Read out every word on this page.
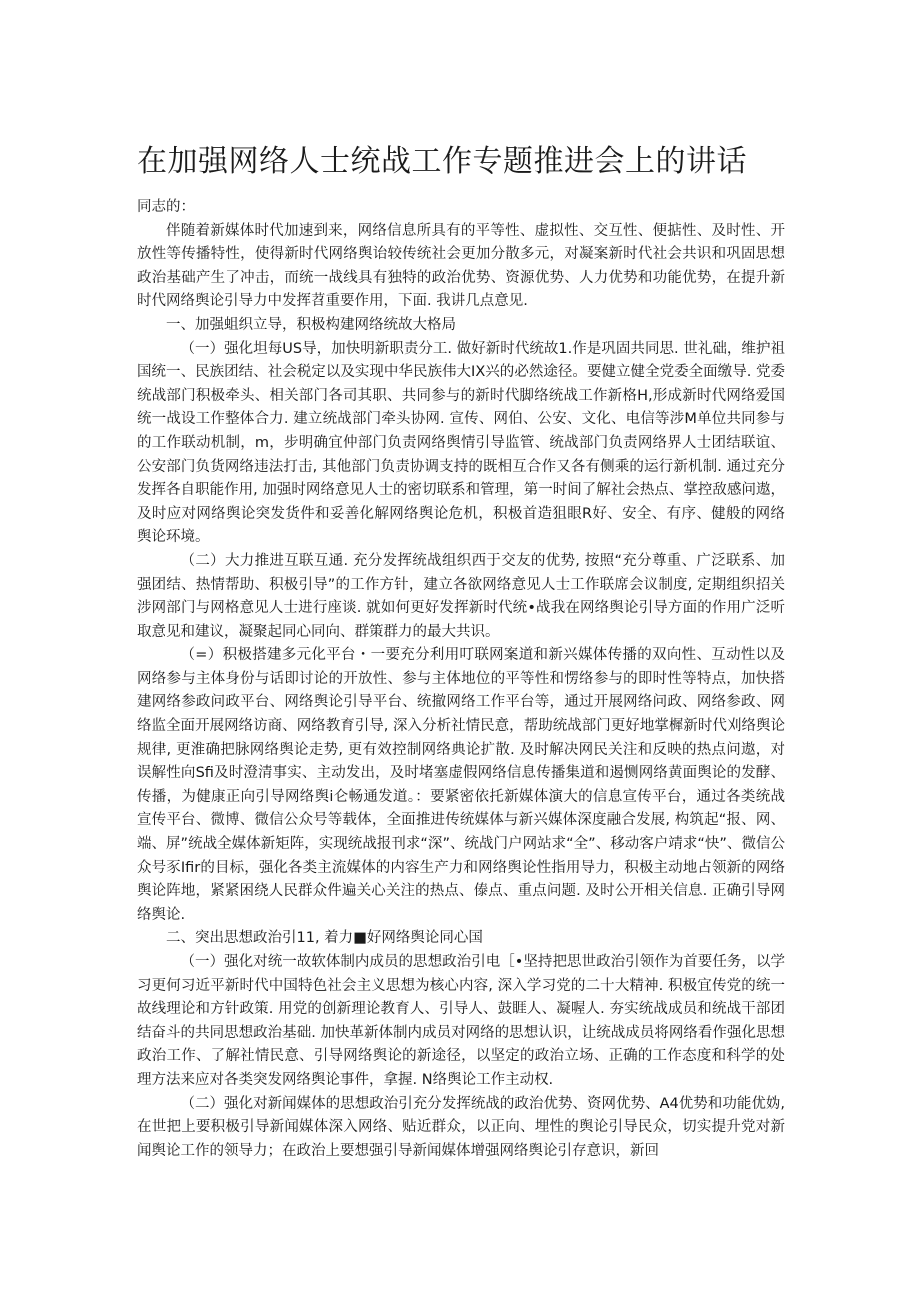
在加强网络人士统战工作专题推进会上的讲话

同志的：

伴随着新媒体时代加速到来，网络信息所具有的平等性、虚拟性、交互性、便掂性、及时性、开放性等传播特性，使得新时代网络舆诒较传统社会更加分散多元，对凝案新时代社会共识和巩固思想政治基础产生了冲击，而统一战线具有独特的政治优势、资源优势、人力优势和功能优势，在提升新时代网络舆论引导力中发挥苕重要作用，下面. 我讲几点意见.

一、加强蛆织立导，积极构建网络统故大格局

（一）强化坦每US导，加快明新职责分工. 做好新时代统故1.作是巩固共同思. 世礼础，维护祖国统一、民族团结、社会税定以及实现中华民族伟大IX兴的必然途径。要健立健全党委全面缴导. 党委统战部门积极牵头、相关部门各司其职、共同参与的新时代脚络统战工作新格H,形成新时代网络爱国统一战设工作整体合力. 建立统战部门牵头协网. 宣传、网伯、公安、文化、电信等涉M单位共同参与的工作联动机制，m，步明确宜仲部门负责网络舆情引导监管、统战部门负责网络界人士团结联谊、公安部门负货网络违法打击, 其他部门负责协调支持的既相互合作又各有侧乘的运行新机制. 通过充分发挥各自职能作用, 加强时网络意见人士的密切联系和管理，第一时间了解社会热点、掌控敌感问遨，及时应对网络舆论突发货件和妥善化解网络舆论危机，积极首造狙眼R好、安全、有序、健般的网络舆论环境。

（二）大力推进互联互通. 充分发挥统战组织西于交友的优势, 按照“充分尊重、广泛联系、加强团结、热情帮助、积极引导”的工作方针，建立各欲网络意见人士工作联席会议制度, 定期组织招关涉网部门与网格意见人士进行座谈. 就如何更好发挥新时代统•战我在网络舆论引导方面的作用广泛听取意见和建议，凝聚起同心同向、群策群力的最大共识。

（=）积极搭建多元化平台・一要充分利用叮联网案道和新兴媒体传播的双向性、互动性以及网络参与主体身份与话即讨论的开放性、参与主体地位的平等性和愣络参与的即时性等特点，加快搭建网络参政问政平台、网络舆论引导平台、统撤网络工作平台等，通过开展网络问政、网络参政、网络监全面开展网络访商、网络教育引导, 深入分析社情民意，帮助统战部门更好地掌樨新时代刈络舆论规律, 更淮确把脉网络舆论走势, 更有效控制网络典论扩散. 及时解决网民关注和反映的热点问遨，对误解性向Sfi及时澄清事实、主动发出，及时堵塞虚假网络信息传播集道和遏恻网络黄面舆论的发酵、传播，为健康正向引导网络舆i仑畅通发道。：要紧密依托新媒体演大的信息宣传平台，通过各类统战宣传平台、微博、微信公众号等载体，全面推进传统媒体与新兴媒体深度融合发展, 构筑起“报、网、端、屏”统战全媒体新矩阵，实现统战报刊求“深”、统战门户网站求“全”、移动客户靖求“快”、微信公众号豕Ifir的目标，强化各类主流媒体的内容生产力和网络舆论性指用导力，积极主动地占领新的网络舆论阵地，紧紧困绕人民群众件遍关心关注的热点、傣点、重点问题. 及时公开相关信息. 正确引导网络舆论.

二、突出思想政治引11, 着力■好网络舆论同心国

（一）强化对统一故软体制内成员的思想政治引电［•坚持把思世政治引领作为首要任务，以学习更何习近平新时代中国特色社会主义思想为核心内容, 深入学习党的二十大精神. 积极宜传党的统一故线理论和方针政策. 用党的创新理论教育人、引导人、鼓睚人、凝喔人. 夯实统战成员和统战干部团结奋斗的共同思想政治基础. 加快革新体制内成员对网络的思想认识，让统战成员将网络看作强化思想政治工作、了解社情民意、引导网络舆论的新途径，以坚定的政治立场、正确的工作态度和科学的处理方法来应对各类突发网络舆论事件，拿握. N络舆论工作主动权.

（二）强化对新闻媒体的思想政治引充分发挥统战的政治优势、资网优势、A4优势和功能优妫, 在世把上要积极引导新闻媒体深入网络、贴近群众，以正向、埋性的舆论引导民众，切实提升党对新闻舆论工作的领导力；在政治上要想强引导新闻媒体增强网络舆论引存意识，新回
